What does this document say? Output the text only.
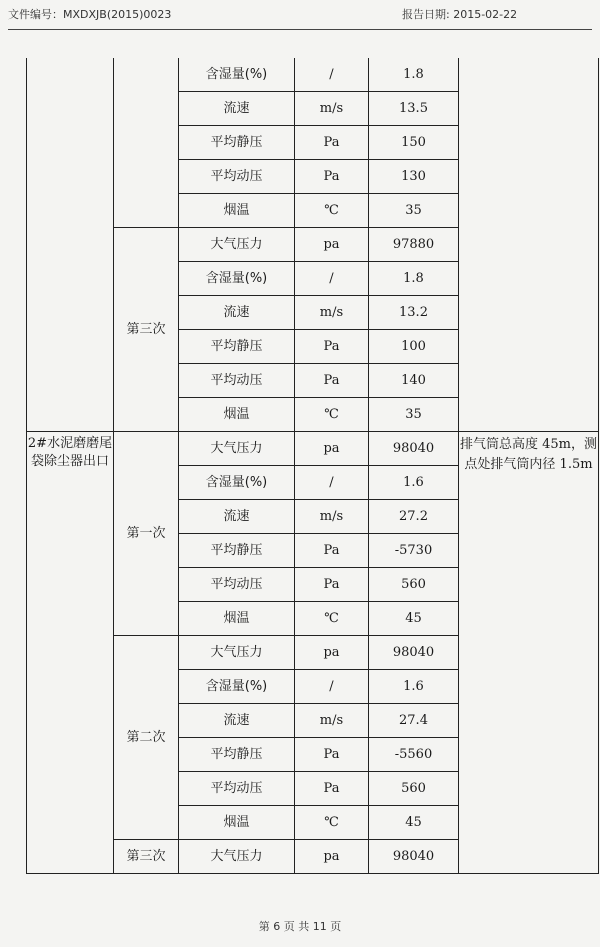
文件编号：MXDXJB(2015)0023	报告日期: 2015-02-22
		含湿量(%)	/	1.8	
		流速	m/s	13.5	
		平均静压	Pa	150	
		平均动压	Pa	130	
		烟温	℃	35	
	第三次	大气压力	pa	97880	
		含湿量(%)	/	1.8	
		流速	m/s	13.2	
		平均静压	Pa	100	
		平均动压	Pa	140	
		烟温	℃	35	
2#水泥磨磨尾袋除尘器出口	第一次	大气压力	pa	98040	排气筒总高度 45m，测点处排气筒内径 1.5m
		含湿量(%)	/	1.6	
		流速	m/s	27.2	
		平均静压	Pa	-5730	
		平均动压	Pa	560	
		烟温	℃	45	
	第二次	大气压力	pa	98040	
		含湿量(%)	/	1.6	
		流速	m/s	27.4	
		平均静压	Pa	-5560	
		平均动压	Pa	560	
		烟温	℃	45	
	第三次	大气压力	pa	98040	
第 6 页 共 11 页
